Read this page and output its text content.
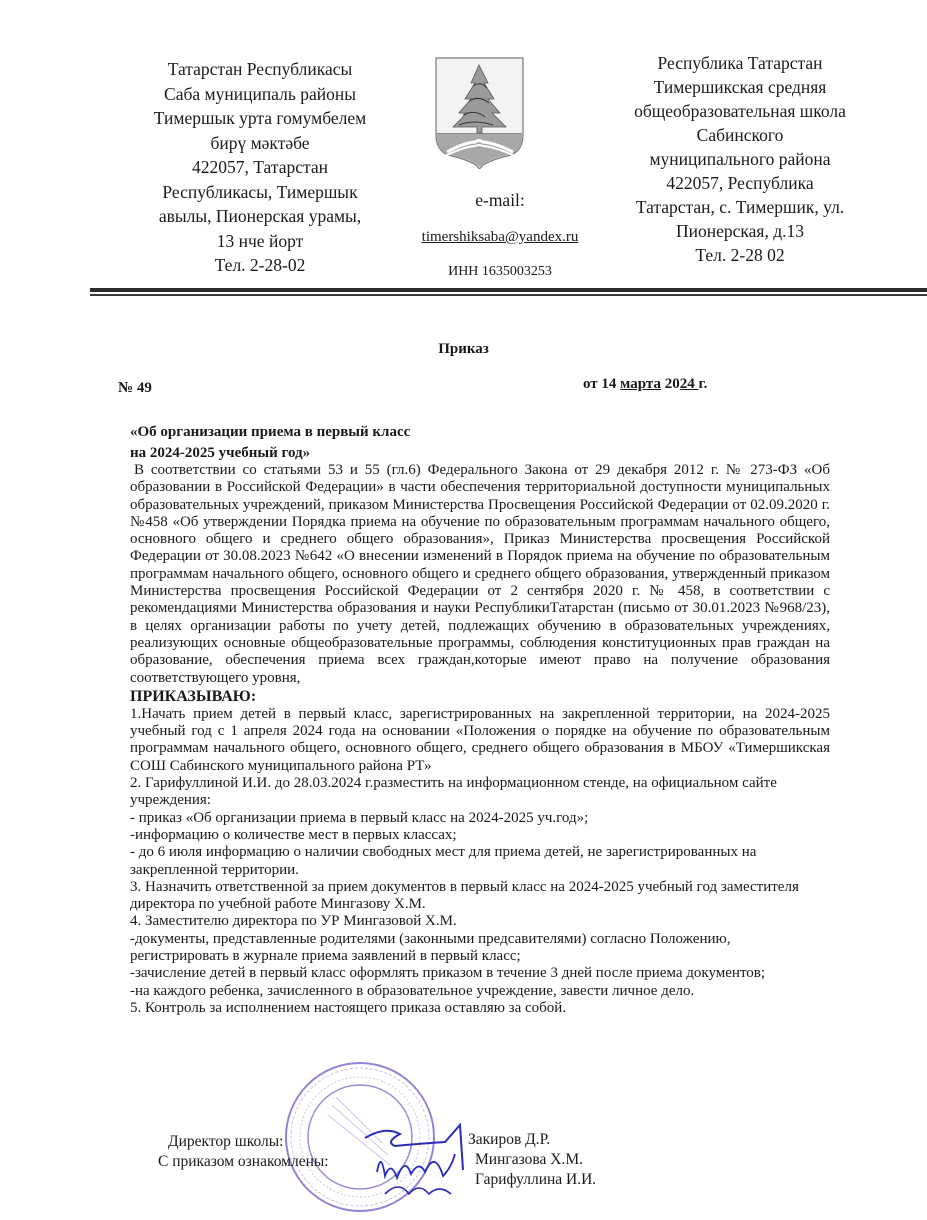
Татарстан Республикасы
Саба муниципаль районы
Тимершык урта гомумбелем
бирү мәктәбе
422057, Татарстан
Республикасы, Тимершык
авылы, Пионерская урамы,
13 нче йорт
Тел. 2-28-02
e-mail:
timershiksaba@yandex.ru
ИНН 1635003253
Республика Татарстан
Тимершикская средняя
общеобразовательная школа
Сабинского
муниципального района
422057, Республика
Татарстан, с. Тимершик, ул.
Пионерская, д.13
Тел. 2-28 02
Приказ
№ 49	от 14 марта 2024 г.
«Об организации приема в первый класс
на 2024-2025 учебный год»

В соответствии со статьями 53 и 55 (гл.6) Федерального Закона от 29 декабря 2012 г. № 273-ФЗ «Об образовании в Российской Федерации» в части обеспечения территориальной доступности муниципальных образовательных учреждений, приказом Министерства Просвещения Российской Федерации от 02.09.2020 г. №458 «Об утверждении Порядка приема на обучение по образовательным программам начального общего, основного общего и среднего общего образования», Приказ Министерства просвещения Российской Федерации от 30.08.2023 №642 «О внесении изменений в Порядок приема на обучение по образовательным программам начального общего, основного общего и среднего общего образования, утвержденный приказом Министерства просвещения Российской Федерации от 2 сентября 2020 г. № 458, в соответствии с рекомендациями Министерства образования и науки РеспубликиТатарстан (письмо от 30.01.2023 №968/23), в целях организации работы по учету детей, подлежащих обучению в образовательных учреждениях, реализующих основные общеобразовательные программы, соблюдения конституционных прав граждан на образование, обеспечения приема всех граждан,которые имеют право на получение образования соответствующего уровня,

ПРИКАЗЫВАЮ:

1.Начать прием детей в первый класс, зарегистрированных на закрепленной территории, на 2024-2025 учебный год с 1 апреля 2024 года на основании «Положения о порядке на обучение по образовательным программам начального общего, основного общего, среднего общего образования в МБОУ «Тимершикская СОШ Сабинского муниципального района РТ»

2. Гарифуллиной И.И. до 28.03.2024 г.разместить на информационном стенде, на официальном сайте учреждения:

- приказ «Об организации приема в первый класс на 2024-2025 уч.год»;

-информацию о количестве мест в первых классах;

- до 6 июля информацию о наличии свободных мест для приема детей, не зарегистрированных на закрепленной территории.

3. Назначить ответственной за прием документов в первый класс на 2024-2025 учебный год заместителя директора по учебной работе Мингазову Х.М.

4. Заместителю директора по УР Мингазовой Х.М.

-документы, представленные родителями (законными предсавителями) согласно Положению, регистрировать в журнале приема заявлений в первый класс;

-зачисление детей в первый класс оформлять приказом в течение 3 дней после приема документов;

-на каждого ребенка, зачисленного в образовательное учреждение, завести личное дело.

5. Контроль за исполнением настоящего приказа оставляю за собой.

Директор школы:
С приказом ознакомлены:
Закиров Д.Р.
Мингазова Х.М.
Гарифуллина И.И.
